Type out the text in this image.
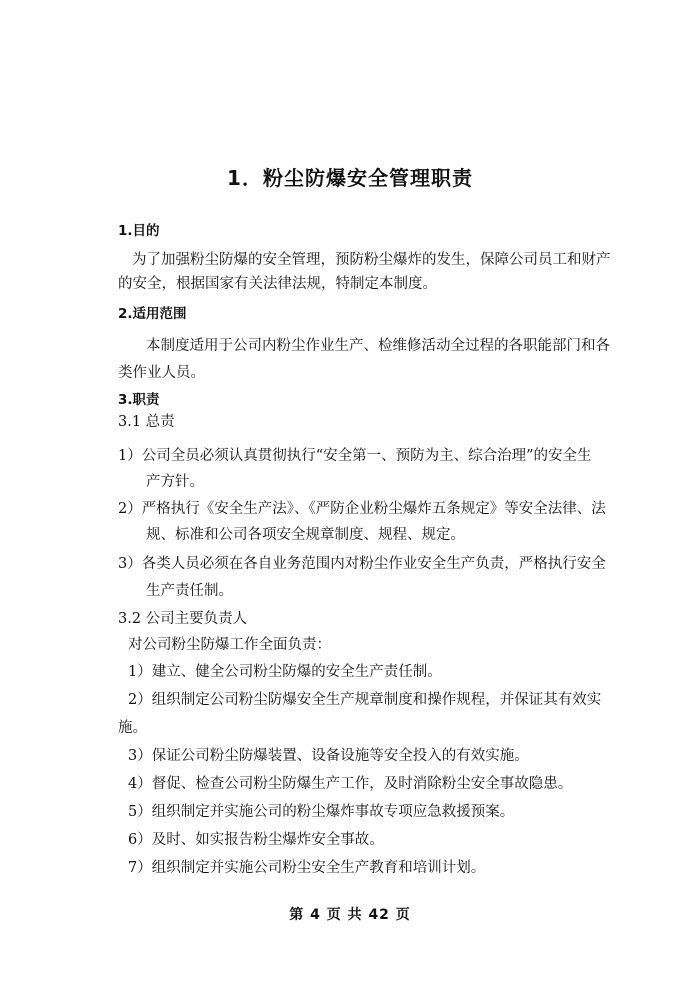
1．粉尘防爆安全管理职责
1.目的
为了加强粉尘防爆的安全管理，预防粉尘爆炸的发生，保障公司员工和财产
的安全，根据国家有关法律法规，特制定本制度。
2.适用范围
本制度适用于公司内粉尘作业生产、检维修活动全过程的各职能部门和各
类作业人员。
3.职责
3.1 总责
1）公司全员必须认真贯彻执行“安全第一、预防为主、综合治理”的安全生
产方针。
2）严格执行《安全生产法》、《严防企业粉尘爆炸五条规定》等安全法律、法
规、标准和公司各项安全规章制度、规程、规定。
3）各类人员必须在各自业务范围内对粉尘作业安全生产负责，严格执行安全
生产责任制。
3.2 公司主要负责人
对公司粉尘防爆工作全面负责：
1）建立、健全公司粉尘防爆的安全生产责任制。
2）组织制定公司粉尘防爆安全生产规章制度和操作规程，并保证其有效实
施。
3）保证公司粉尘防爆装置、设备设施等安全投入的有效实施。
4）督促、检查公司粉尘防爆生产工作，及时消除粉尘安全事故隐患。
5）组织制定并实施公司的粉尘爆炸事故专项应急救援预案。
6）及时、如实报告粉尘爆炸安全事故。
7）组织制定并实施公司粉尘安全生产教育和培训计划。
第 4 页 共 42 页
